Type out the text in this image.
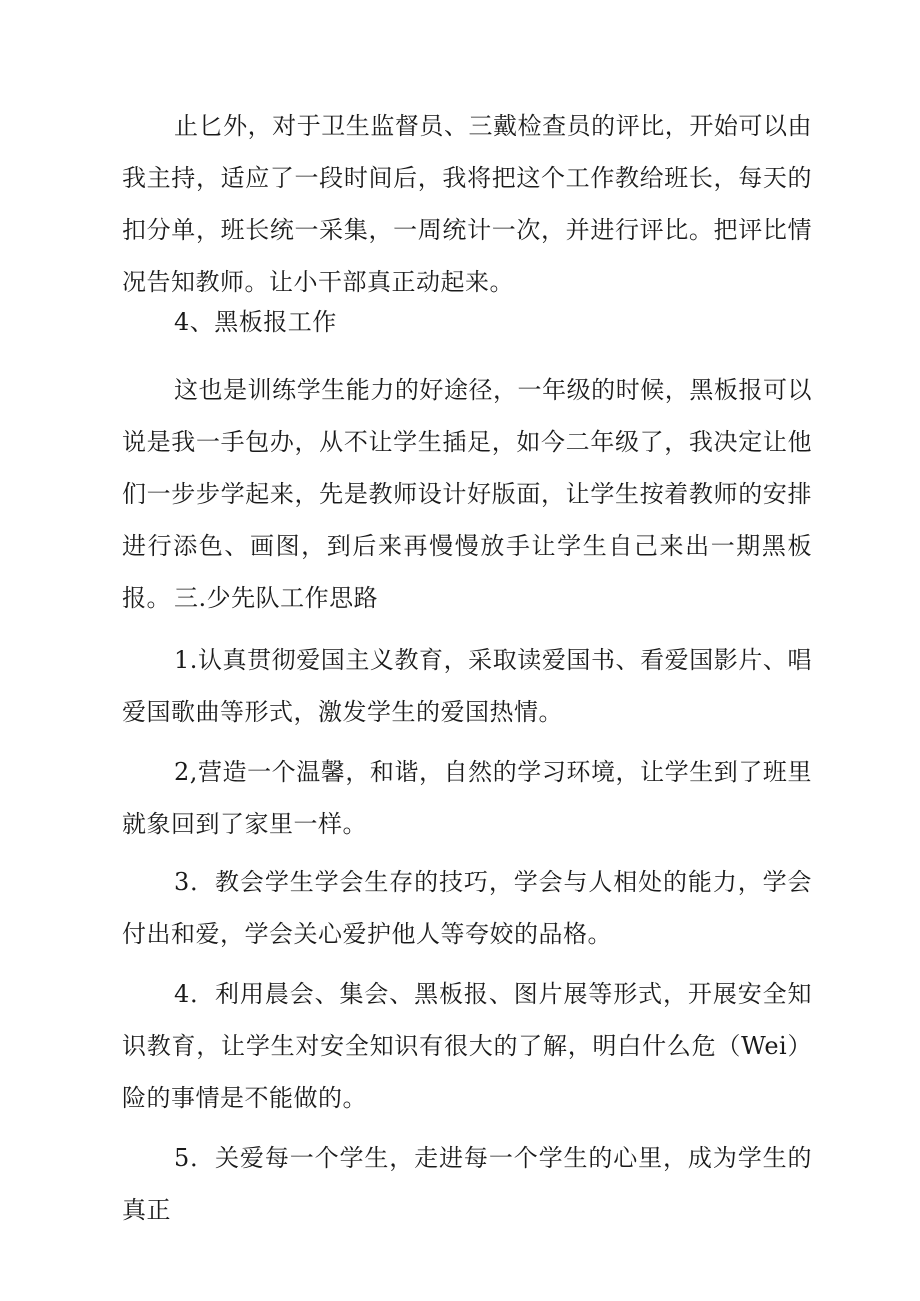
止匕外，对于卫生监督员、三戴检查员的评比，开始可以由我主持，适应了一段时间后，我将把这个工作教给班长，每天的扣分单，班长统一采集，一周统计一次，并进行评比。把评比情况告知教师。让小干部真正动起来。

4、黑板报工作

这也是训练学生能力的好途径，一年级的时候，黑板报可以说是我一手包办，从不让学生插足，如今二年级了，我决定让他们一步步学起来，先是教师设计好版面，让学生按着教师的安排进行添色、画图，到后来再慢慢放手让学生自己来出一期黑板报。 三.少先队工作思路

1.认真贯彻爱国主义教育，采取读爱国书、看爱国影片、唱爱国歌曲等形式，激发学生的爱国热情。

2,营造一个温馨，和谐，自然的学习环境，让学生到了班里就象回到了家里一样。

3．教会学生学会生存的技巧，学会与人相处的能力，学会付出和爱，学会关心爱护他人等夸姣的品格。

4．利用晨会、集会、黑板报、图片展等形式，开展安全知识教育，让学生对安全知识有很大的了解，明白什么危（Wei）险的事情是不能做的。

5．关爱每一个学生，走进每一个学生的心里，成为学生的真正
